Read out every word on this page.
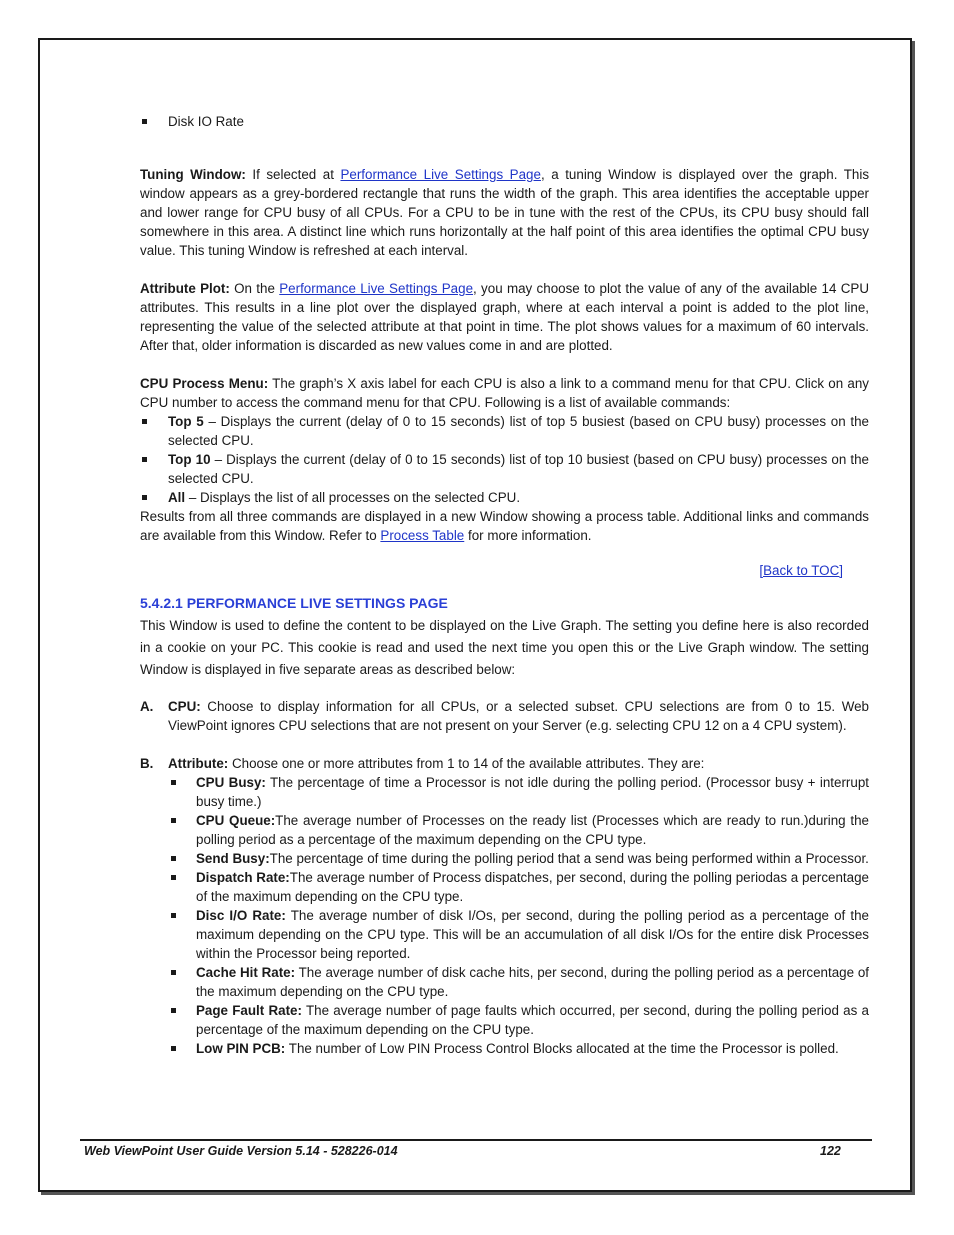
Disk IO Rate

Tuning Window: If selected at Performance Live Settings Page, a tuning Window is displayed over the graph. This window appears as a grey-bordered rectangle that runs the width of the graph. This area identifies the acceptable upper and lower range for CPU busy of all CPUs. For a CPU to be in tune with the rest of the CPUs, its CPU busy should fall somewhere in this area. A distinct line which runs horizontally at the half point of this area identifies the optimal CPU busy value. This tuning Window is refreshed at each interval.

Attribute Plot: On the Performance Live Settings Page, you may choose to plot the value of any of the available 14 CPU attributes. This results in a line plot over the displayed graph, where at each interval a point is added to the plot line, representing the value of the selected attribute at that point in time. The plot shows values for a maximum of 60 intervals. After that, older information is discarded as new values come in and are plotted.

CPU Process Menu: The graph’s X axis label for each CPU is also a link to a command menu for that CPU. Click on any CPU number to access the command menu for that CPU. Following is a list of available commands:

Top 5 – Displays the current (delay of 0 to 15 seconds) list of top 5 busiest (based on CPU busy) processes on the selected CPU.
Top 10 – Displays the current (delay of 0 to 15 seconds) list of top 10 busiest (based on CPU busy) processes on the selected CPU.
All – Displays the list of all processes on the selected CPU.

Results from all three commands are displayed in a new Window showing a process table. Additional links and commands are available from this Window. Refer to Process Table for more information.

[Back to TOC]
5.4.2.1 PERFORMANCE LIVE SETTINGS PAGE

This Window is used to define the content to be displayed on the Live Graph. The setting you define here is also recorded in a cookie on your PC. This cookie is read and used the next time you open this or the Live Graph window. The setting Window is displayed in five separate areas as described below:

A. CPU: Choose to display information for all CPUs, or a selected subset. CPU selections are from 0 to 15. Web ViewPoint ignores CPU selections that are not present on your Server (e.g. selecting CPU 12 on a 4 CPU system).
B. Attribute: Choose one or more attributes from 1 to 14 of the available attributes. They are:
CPU Busy: The percentage of time a Processor is not idle during the polling period. (Processor busy + interrupt busy time.)
CPU Queue:The average number of Processes on the ready list (Processes which are ready to run.)during the polling period as a percentage of the maximum depending on the CPU type.
Send Busy:The percentage of time during the polling period that a send was being performed within a Processor.
Dispatch Rate:The average number of Process dispatches, per second, during the polling periodas a percentage of the maximum depending on the CPU type.
Disc I/O Rate: The average number of disk I/Os, per second, during the polling period as a percentage of the maximum depending on the CPU type. This will be an accumulation of all disk I/Os for the entire disk Processes within the Processor being reported.
Cache Hit Rate: The average number of disk cache hits, per second, during the polling period as a percentage of the maximum depending on the CPU type.
Page Fault Rate: The average number of page faults which occurred, per second, during the polling period as a percentage of the maximum depending on the CPU type.
Low PIN PCB: The number of Low PIN Process Control Blocks allocated at the time the Processor is polled.
Web ViewPoint User Guide Version 5.14 - 528226-014	122
